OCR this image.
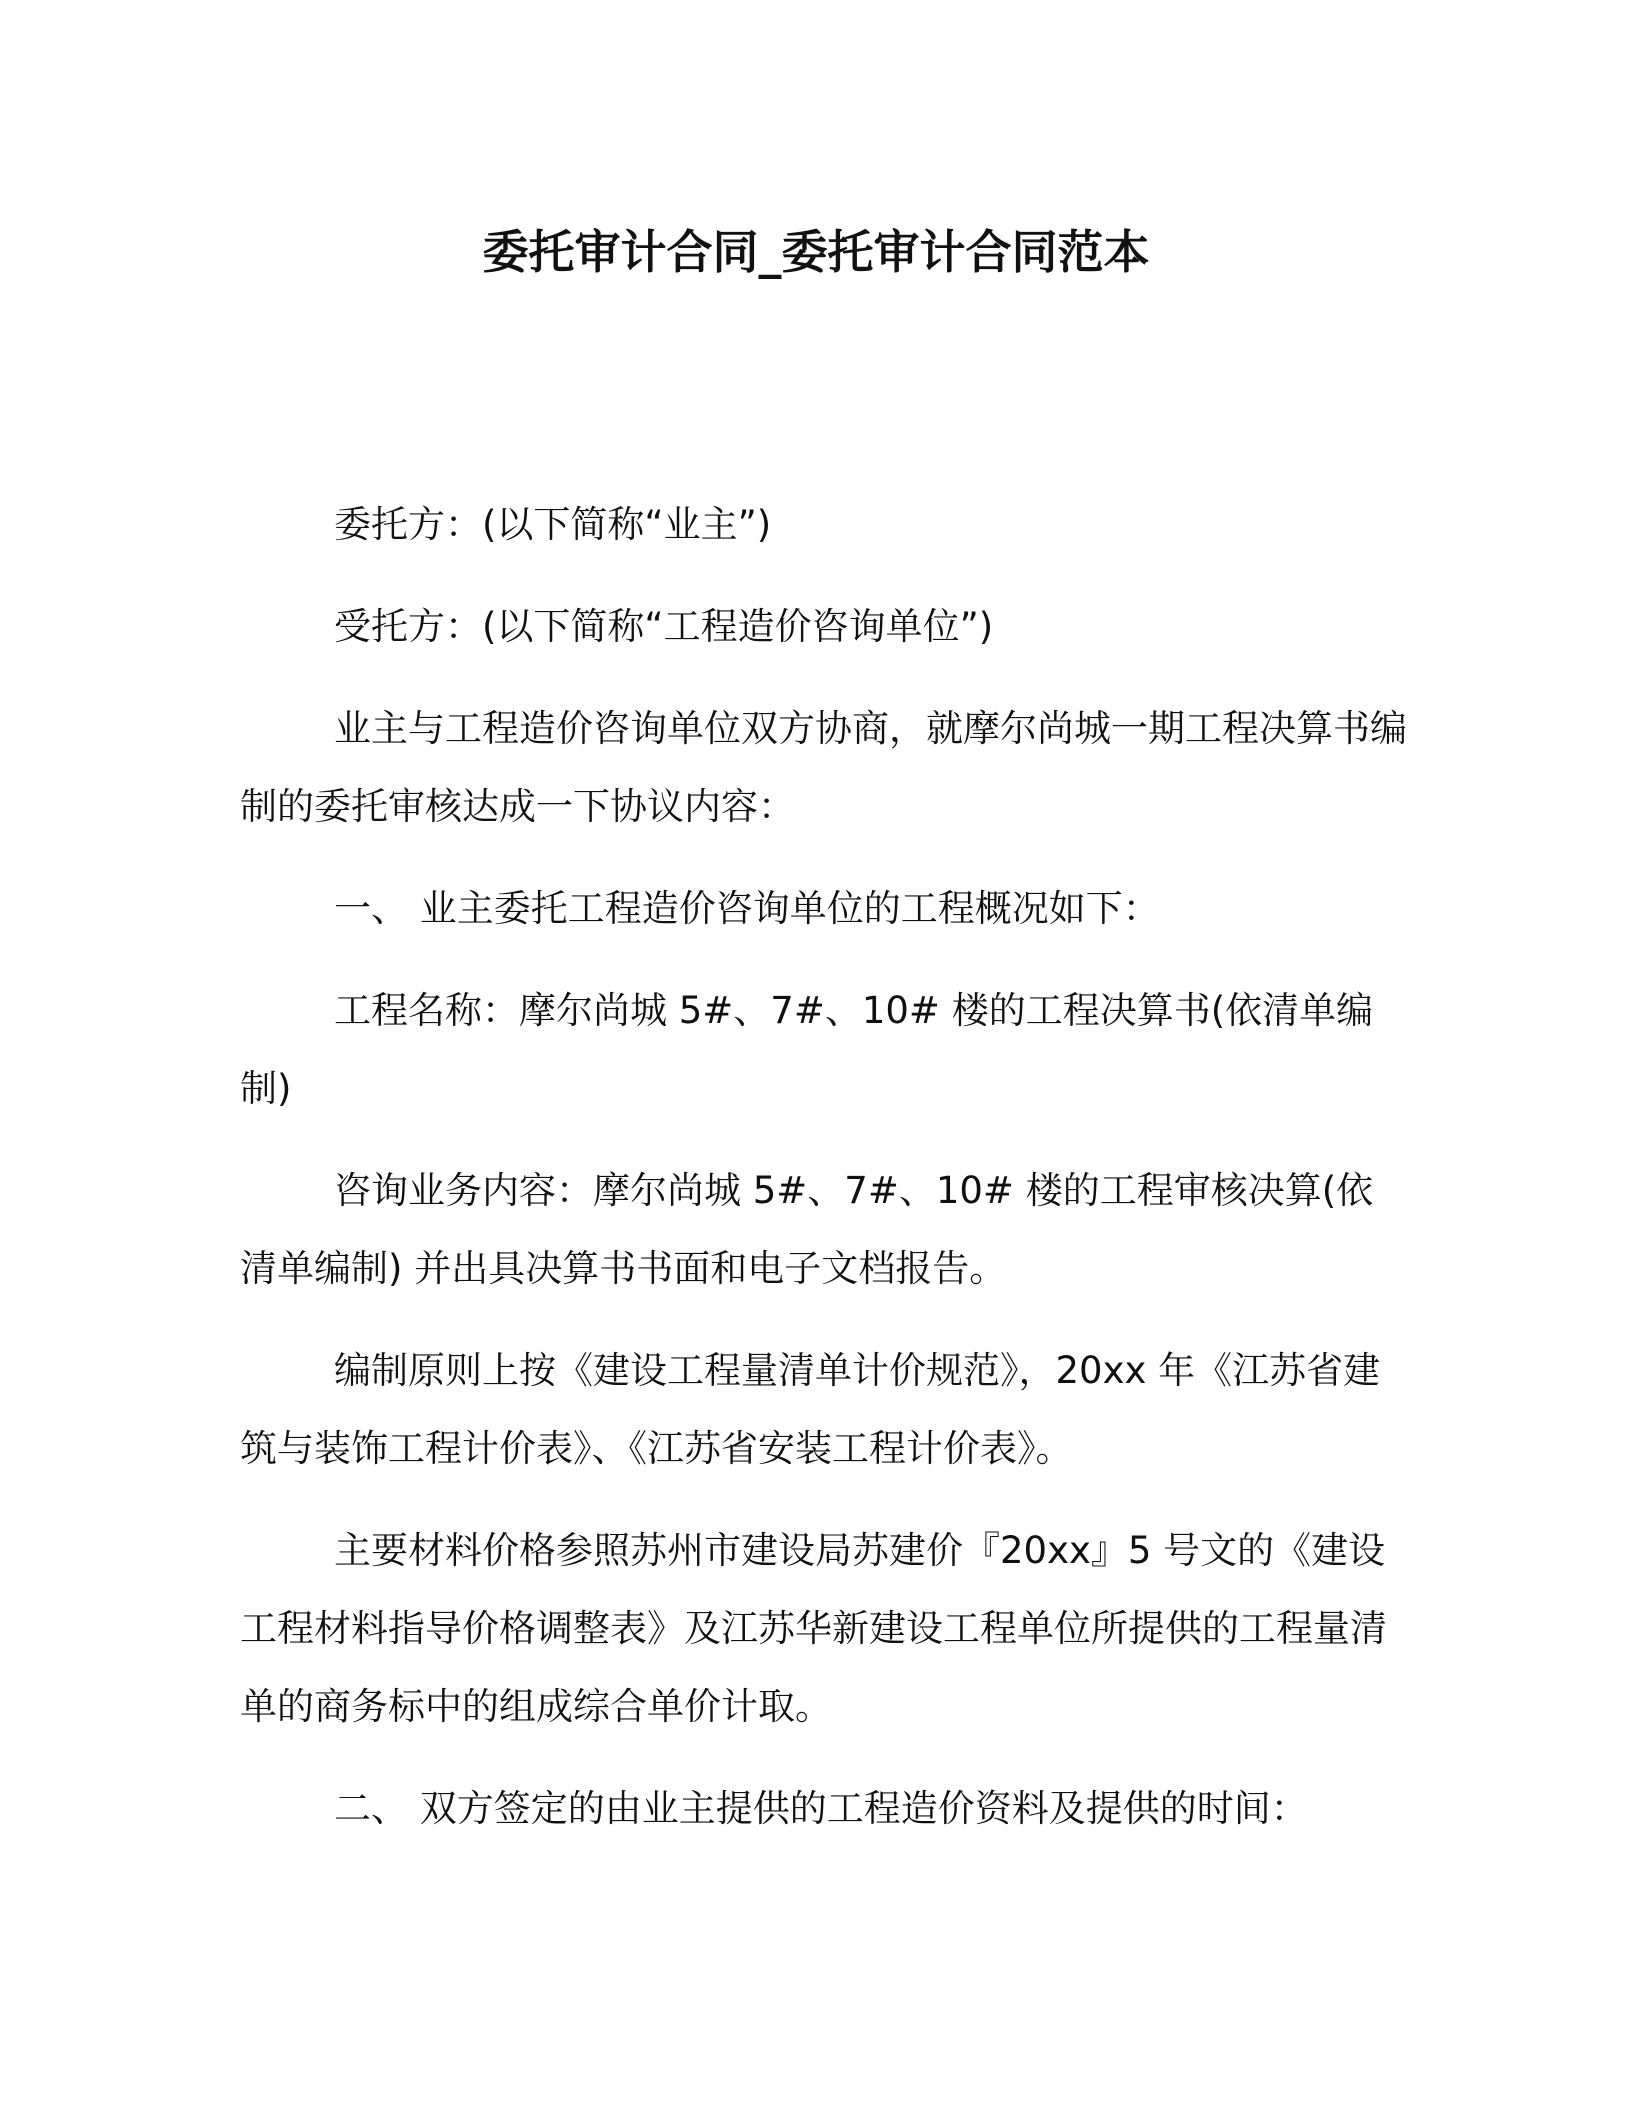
委托审计合同_委托审计合同范本

委托方：(以下简称“业主”)

受托方：(以下简称“工程造价咨询单位”)

业主与工程造价咨询单位双方协商，就摩尔尚城一期工程决算书编制的委托审核达成一下协议内容：

一、 业主委托工程造价咨询单位的工程概况如下：

工程名称：摩尔尚城 5#、7#、10# 楼的工程决算书(依清单编制)

咨询业务内容：摩尔尚城 5#、7#、10# 楼的工程审核决算(依清单编制) 并出具决算书书面和电子文档报告。

编制原则上按《建设工程量清单计价规范》，20xx 年《江苏省建筑与装饰工程计价表》、《江苏省安装工程计价表》。

主要材料价格参照苏州市建设局苏建价『20xx』5 号文的《建设工程材料指导价格调整表》及江苏华新建设工程单位所提供的工程量清单的商务标中的组成综合单价计取。

二、 双方签定的由业主提供的工程造价资料及提供的时间：
